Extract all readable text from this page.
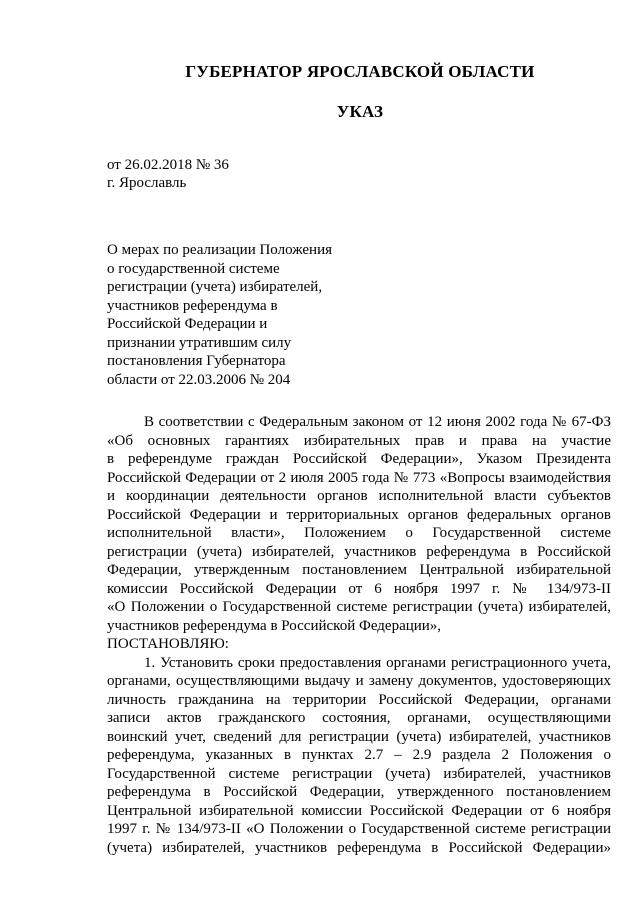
ГУБЕРНАТОР ЯРОСЛАВСКОЙ ОБЛАСТИ
УКАЗ
от 26.02.2018 № 36
г. Ярославль
О мерах по реализации Положения
о государственной системе
регистрации (учета) избирателей,
участников референдума в
Российской Федерации и
признании утратившим силу
постановления Губернатора
области от 22.03.2006 № 204
В соответствии с Федеральным законом от 12 июня 2002 года № 67-ФЗ
«Об основных гарантиях избирательных прав и права на участие
в референдуме граждан Российской Федерации», Указом Президента
Российской Федерации от 2 июля 2005 года № 773 «Вопросы взаимодействия
и координации деятельности органов исполнительной власти субъектов
Российской Федерации и территориальных органов федеральных органов
исполнительной власти», Положением о Государственной системе
регистрации (учета) избирателей, участников референдума в Российской
Федерации, утвержденным постановлением Центральной избирательной
комиссии Российской Федерации от 6 ноября 1997 г. № 134/973-II
«О Положении о Государственной системе регистрации (учета) избирателей,
участников референдума в Российской Федерации»,
ПОСТАНОВЛЯЮ:
1. Установить сроки предоставления органами регистрационного учета,
органами, осуществляющими выдачу и замену документов, удостоверяющих
личность гражданина на территории Российской Федерации, органами
записи актов гражданского состояния, органами, осуществляющими
воинский учет, сведений для регистрации (учета) избирателей, участников
референдума, указанных в пунктах 2.7 – 2.9 раздела 2 Положения о
Государственной системе регистрации (учета) избирателей, участников
референдума в Российской Федерации, утвержденного постановлением
Центральной избирательной комиссии Российской Федерации от 6 ноября
1997 г. № 134/973-II «О Положении о Государственной системе регистрации
(учета) избирателей, участников референдума в Российской Федерации»
